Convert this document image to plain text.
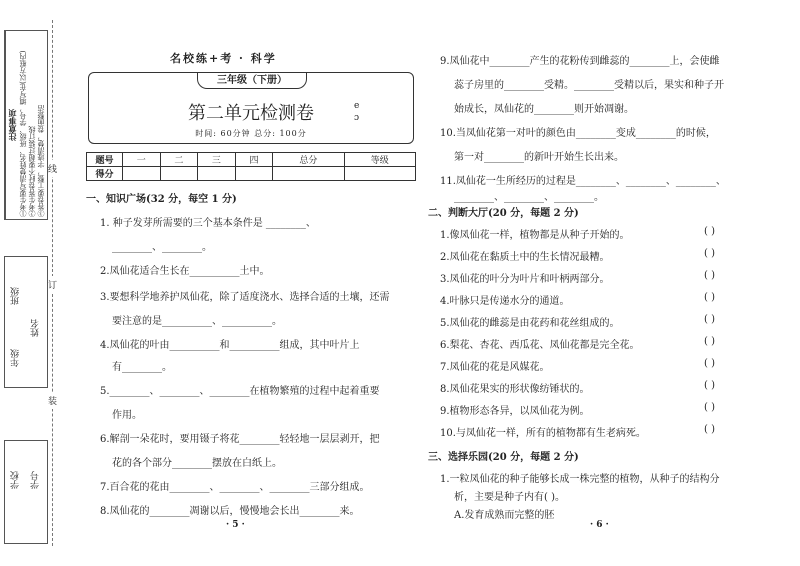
注意事项 ①考生要写清楚姓名、班级、学号，填写在(以方框内) ②考生答卷时不要超过装订线 ③答卷要工整，字迹清楚，卷面整洁
班级
姓名
年级
学校 学号
线
订
装
名校练+考 · 科学
三年级（下册）
第二单元检测卷
时间: 60分钟 总分: 100分
e
ɔ
题号	一	二	三	四	总分	等级
得分						
一、知识广场(32 分，每空 1 分)
1. 种子发芽所需要的三个基本条件是 ________、
________、________。
2.凤仙花适合生长在__________土中。
3.要想科学地养护凤仙花，除了适度浇水、选择合适的土壤，还需
要注意的是__________、__________。
4.凤仙花的叶由__________和__________组成，其中叶片上
有________。
5.________、________、________在植物繁殖的过程中起着重要
作用。
6.解剖一朵花时，要用镊子将花________轻轻地一层层剥开，把
花的各个部分________摆放在白纸上。
7.百合花的花由________、________、________三部分组成。
8.凤仙花的________凋谢以后，慢慢地会长出________来。
· 5 ·
9.凤仙花中________产生的花粉传到雌蕊的________上，会使雌
蕊子房里的________受精。________受精以后，果实和种子开
始成长，凤仙花的________则开始凋谢。
10.当凤仙花第一对叶的颜色由________变成________的时候，
第一对________的新叶开始生长出来。
11.凤仙花一生所经历的过程是________、________、________、
________、________、________。
二、判断大厅(20 分，每题 2 分)
1.像凤仙花一样，植物都是从种子开始的。	( )
2.凤仙花在黏质土中的生长情况最糟。	( )
3.凤仙花的叶分为叶片和叶柄两部分。	( )
4.叶脉只是传递水分的通道。	( )
5.凤仙花的雌蕊是由花药和花丝组成的。	( )
6.梨花、杏花、西瓜花、凤仙花都是完全花。	( )
7.凤仙花的花是风媒花。	( )
8.凤仙花果实的形状像纺锤状的。	( )
9.植物形态各异，以凤仙花为例。	( )
10.与凤仙花一样，所有的植物都有生老病死。	( )
三、选择乐园(20 分，每题 2 分)
1.一粒凤仙花的种子能够长成一株完整的植物，从种子的结构分
析，主要是种子内有( )。
A.发育成熟而完整的胚
· 6 ·
